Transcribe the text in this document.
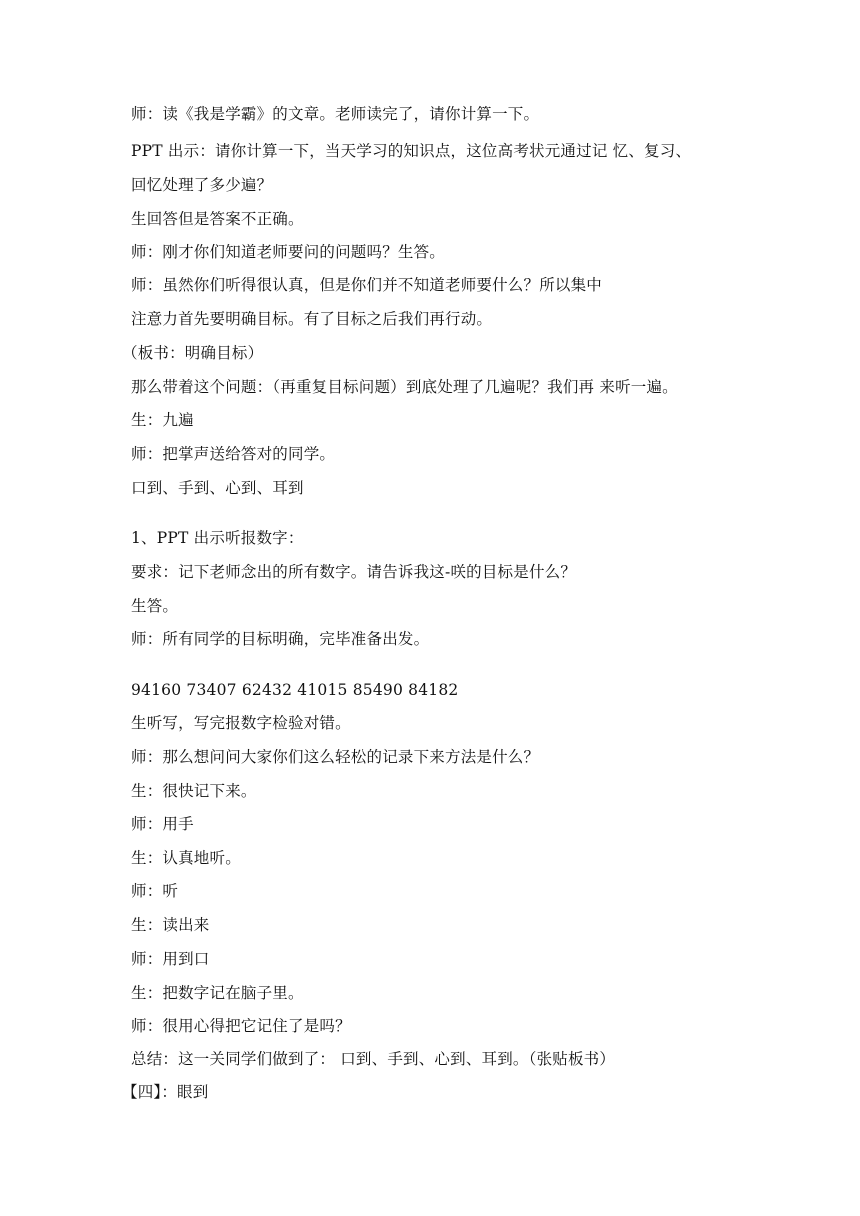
师：读《我是学霸》的文章。老师读完了，请你计算一下。
PPT 出示：请你计算一下，当天学习的知识点，这位高考状元通过记 忆、复习、
回忆处理了多少遍？
生回答但是答案不正确。
师：刚才你们知道老师要问的问题吗？生答。
师：虽然你们听得很认真，但是你们并不知道老师要什么？所以集中
注意力首先要明确目标。有了目标之后我们再行动。
（板书：明确目标）
那么带着这个问题：（再重复目标问题）到底处理了几遍呢？我们再 来听一遍。
生：九遍
师：把掌声送给答对的同学。
口到、手到、心到、耳到
1、PPT 出示听报数字：
要求：记下老师念出的所有数字。请告诉我这-咲的目标是什么？
生答。
师：所有同学的目标明确，完毕准备出发。
94160 73407 62432 41015 85490 84182
生听写，写完报数字检验对错。
师：那么想问问大家你们这么轻松的记录下来方法是什么？
生：很快记下来。
师：用手
生：认真地听。
师：听
生：读出来
师：用到口
生：把数字记在脑子里。
师：很用心得把它记住了是吗？
总结：这一关同学们做到了： 口到、手到、心到、耳到。（张贴板书）
【四】：眼到
